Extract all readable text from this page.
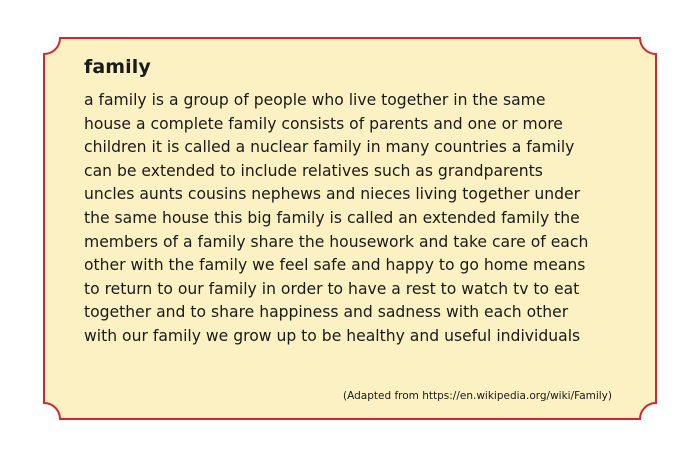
family
a family is a group of people who live together in the same
house a complete family consists of parents and one or more
children it is called a nuclear family in many countries a family
can be extended to include relatives such as grandparents
uncles aunts cousins nephews and nieces living together under
the same house this big family is called an extended family the
members of a family share the housework and take care of each
other with the family we feel safe and happy to go home means
to return to our family in order to have a rest to watch tv to eat
together and to share happiness and sadness with each other
with our family we grow up to be healthy and useful individuals
(Adapted from https://en.wikipedia.org/wiki/Family)
